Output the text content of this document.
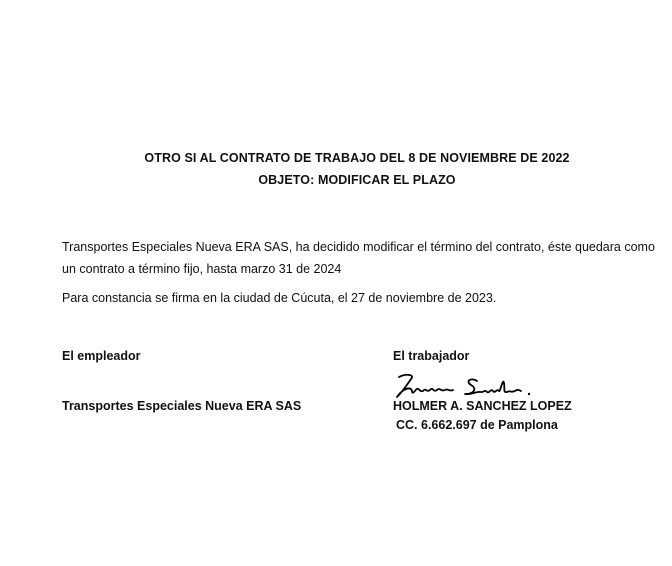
OTRO SI AL CONTRATO DE TRABAJO DEL 8 DE NOVIEMBRE DE 2022
OBJETO: MODIFICAR EL PLAZO
Transportes Especiales Nueva ERA SAS, ha decidido modificar el término del contrato, éste quedara como un contrato a término fijo, hasta marzo 31 de 2024
Para constancia se firma en la ciudad de Cúcuta, el 27 de noviembre de 2023.
El empleador	El trabajador
Transportes Especiales Nueva ERA SAS	HOLMER A. SANCHEZ LOPEZ
CC. 6.662.697 de Pamplona
